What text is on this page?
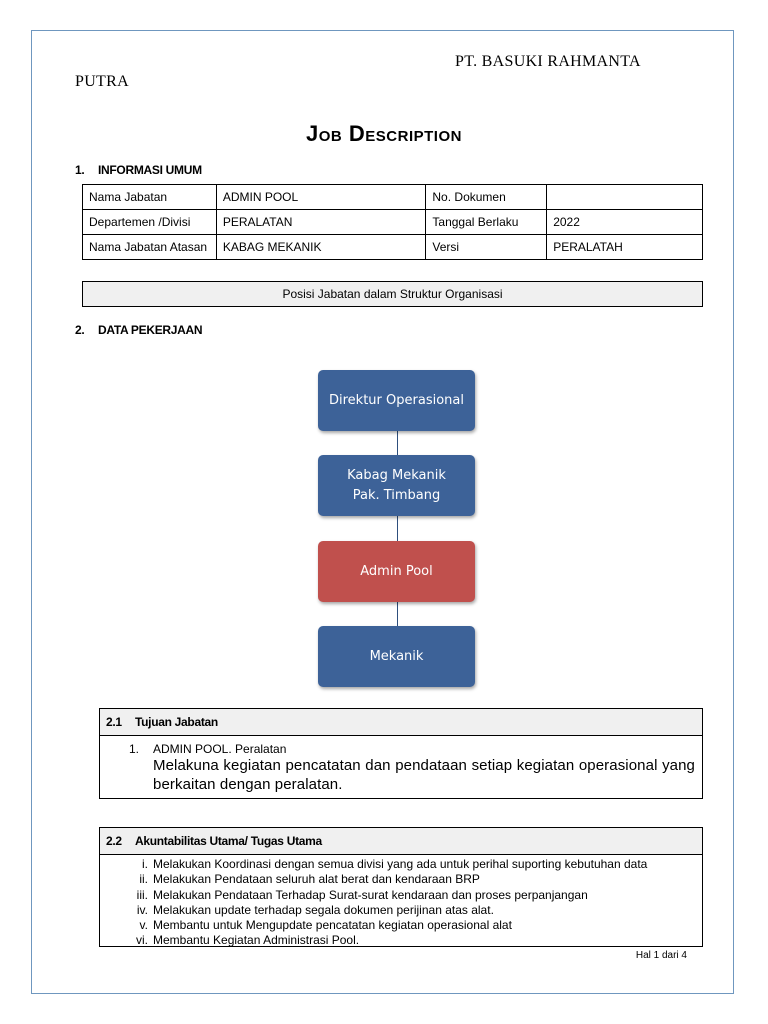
PT. BASUKI RAHMANTA
PUTRA
Job Description
1. INFORMASI UMUM
Nama Jabatan	ADMIN POOL	No. Dokumen	
Departemen /Divisi	PERALATAN	Tanggal Berlaku	2022
Nama Jabatan Atasan	KABAG MEKANIK	Versi	PERALATAH
Posisi Jabatan dalam Struktur Organisasi
2. DATA PEKERJAAN
Direktur Operasional
Kabag Mekanik
Pak. Timbang
Admin Pool
Mekanik
2.1 Tujuan Jabatan
1. ADMIN POOL. Peralatan
Melakuna kegiatan pencatatan dan pendataan setiap kegiatan operasional yang berkaitan dengan peralatan.
2.2 Akuntabilitas Utama/ Tugas Utama
i. Melakukan Koordinasi dengan semua divisi yang ada untuk perihal suporting kebutuhan data
ii. Melakukan Pendataan seluruh alat berat dan kendaraan BRP
iii. Melakukan Pendataan Terhadap Surat-surat kendaraan dan proses perpanjangan
iv. Melakukan update terhadap segala dokumen perijinan atas alat.
v. Membantu untuk Mengupdate pencatatan kegiatan operasional alat
vi. Membantu Kegiatan Administrasi Pool.
Hal 1 dari 4
